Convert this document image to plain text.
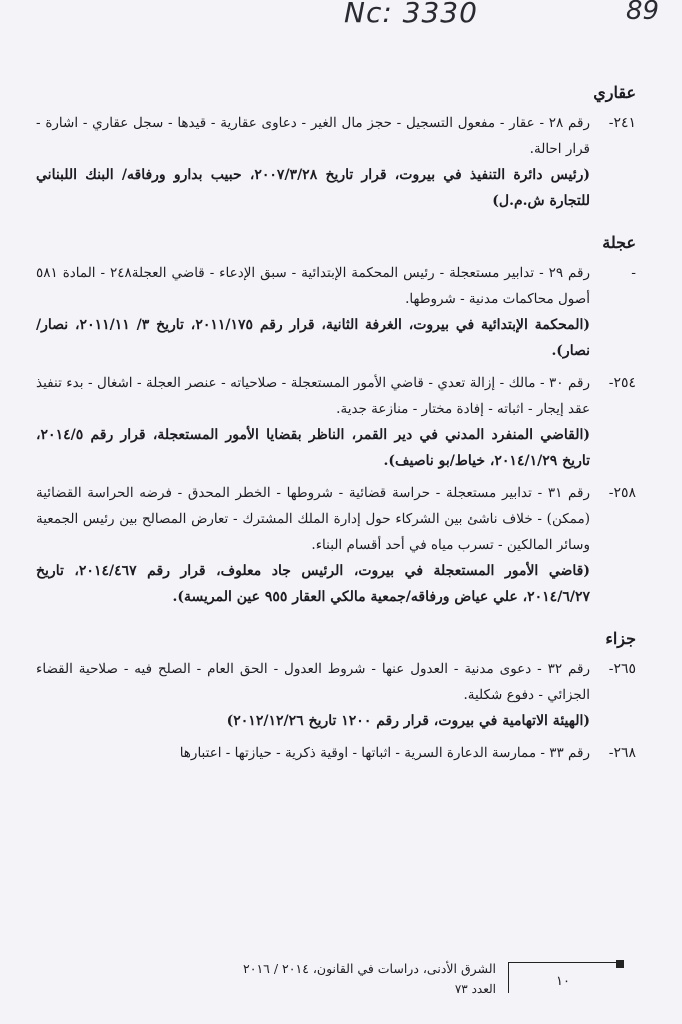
Nc: 3330	89
عقاري
٢٤١-

رقم ٢٨ - عقار - مفعول التسجيل - حجز مال الغير - دعاوى عقارية - قيدها - سجل عقاري - اشارة - قرار احالة.

(رئيس دائرة التنفيذ في بيروت، قرار تاريخ ٢٠٠٧/٣/٢٨، حبيب بدارو ورفاقه/ البنك اللبناني للتجارة ش.م.ل)

عجلة
-

رقم ٢٩ - تدابير مستعجلة - رئيس المحكمة الإبتدائية - سبق الإدعاء - قاضي العجلة٢٤٨ - المادة ٥٨١ أصول محاكمات مدنية - شروطها.

(المحكمة الإبتدائية في بيروت، الغرفة الثانية، قرار رقم ٢٠١١/١٧٥، تاريخ ٣/ ٢٠١١/١١، نصار/نصار).

٢٥٤-

رقم ٣٠ - مالك - إزالة تعدي - قاضي الأمور المستعجلة - صلاحياته - عنصر العجلة - اشغال - بدء تنفيذ عقد إيجار - اثباته - إفادة مختار - منازعة جدية.

(القاضي المنفرد المدني في دير القمر، الناظر بقضايا الأمور المستعجلة، قرار رقم ٢٠١٤/٥، تاريخ ٢٠١٤/١/٢٩، خياط/بو ناصيف).

٢٥٨-

رقم ٣١ - تدابير مستعجلة - حراسة قضائية - شروطها - الخطر المحدق - فرضه الحراسة القضائية (ممكن) - خلاف ناشئ بين الشركاء حول إدارة الملك المشترك - تعارض المصالح بين رئيس الجمعية وسائر المالكين - تسرب مياه في أحد أقسام البناء.

(قاضي الأمور المستعجلة في بيروت، الرئيس جاد معلوف، قرار رقم ٢٠١٤/٤٦٧، تاريخ ٢٠١٤/٦/٢٧، علي عياض ورفاقه/جمعية مالكي العقار ٩٥٥ عين المريسة).

جزاء
٢٦٥-

رقم ٣٢ - دعوى مدنية - العدول عنها - شروط العدول - الحق العام - الصلح فيه - صلاحية القضاء الجزائي - دفوع شكلية.

(الهيئة الاتهامية في بيروت، قرار رقم ١٢٠٠ تاريخ ٢٠١٢/١٢/٢٦)

٢٦٨-

رقم ٣٣ - ممارسة الدعارة السرية - اثباتها - اوقية ذكرية - حيازتها - اعتبارها

١٠
الشرق الأدنى، دراسات في القانون، ٢٠١٤ / ٢٠١٦
العدد ٧٣
